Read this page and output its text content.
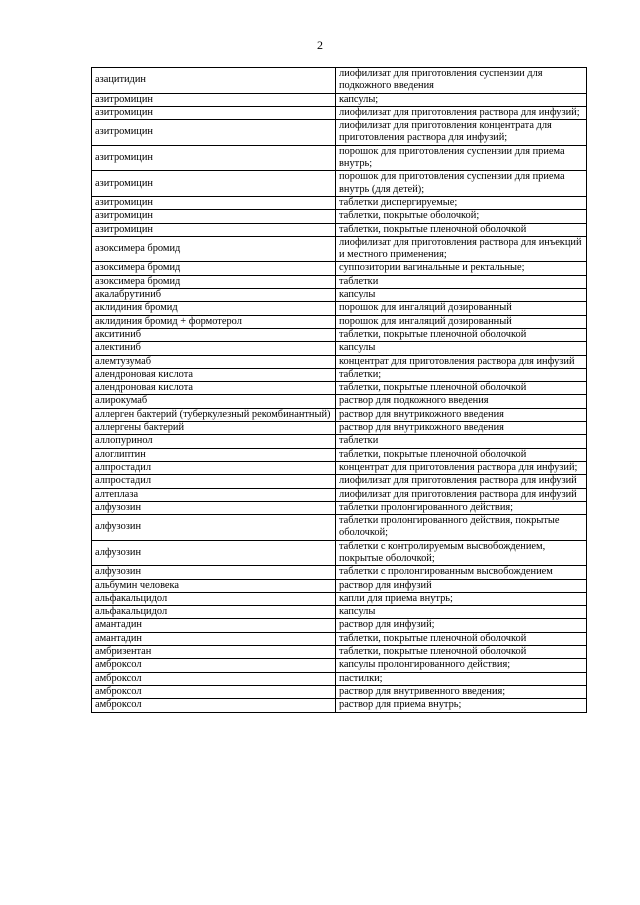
2
азацитидин	лиофилизат для приготовления суспензии для подкожного введения
азитромицин	капсулы;
азитромицин	лиофилизат для приготовления раствора для инфузий;
азитромицин	лиофилизат для приготовления концентрата для приготовления раствора для инфузий;
азитромицин	порошок для приготовления суспензии для приема внутрь;
азитромицин	порошок для приготовления суспензии для приема внутрь (для детей);
азитромицин	таблетки диспергируемые;
азитромицин	таблетки, покрытые оболочкой;
азитромицин	таблетки, покрытые пленочной оболочкой
азоксимера бромид	лиофилизат для приготовления раствора для инъекций и местного применения;
азоксимера бромид	суппозитории вагинальные и ректальные;
азоксимера бромид	таблетки
акалабрутиниб	капсулы
аклидиния бромид	порошок для ингаляций дозированный
аклидиния бромид + формотерол	порошок для ингаляций дозированный
акситиниб	таблетки, покрытые пленочной оболочкой
алектиниб	капсулы
алемтузумаб	концентрат для приготовления раствора для инфузий
алендроновая кислота	таблетки;
алендроновая кислота	таблетки, покрытые пленочной оболочкой
алирокумаб	раствор для подкожного введения
аллерген бактерий (туберкулезный рекомбинантный)	раствор для внутрикожного введения
аллергены бактерий	раствор для внутрикожного введения
аллопуринол	таблетки
алоглиптин	таблетки, покрытые пленочной оболочкой
алпростадил	концентрат для приготовления раствора для инфузий;
алпростадил	лиофилизат для приготовления раствора для инфузий
алтеплаза	лиофилизат для приготовления раствора для инфузий
алфузозин	таблетки пролонгированного действия;
алфузозин	таблетки пролонгированного действия, покрытые оболочкой;
алфузозин	таблетки с контролируемым высвобождением, покрытые оболочкой;
алфузозин	таблетки с пролонгированным высвобождением
альбумин человека	раствор для инфузий
альфакальцидол	капли для приема внутрь;
альфакальцидол	капсулы
амантадин	раствор для инфузий;
амантадин	таблетки, покрытые пленочной оболочкой
амбризентан	таблетки, покрытые пленочной оболочкой
амброксол	капсулы пролонгированного действия;
амброксол	пастилки;
амброксол	раствор для внутривенного введения;
амброксол	раствор для приема внутрь;
